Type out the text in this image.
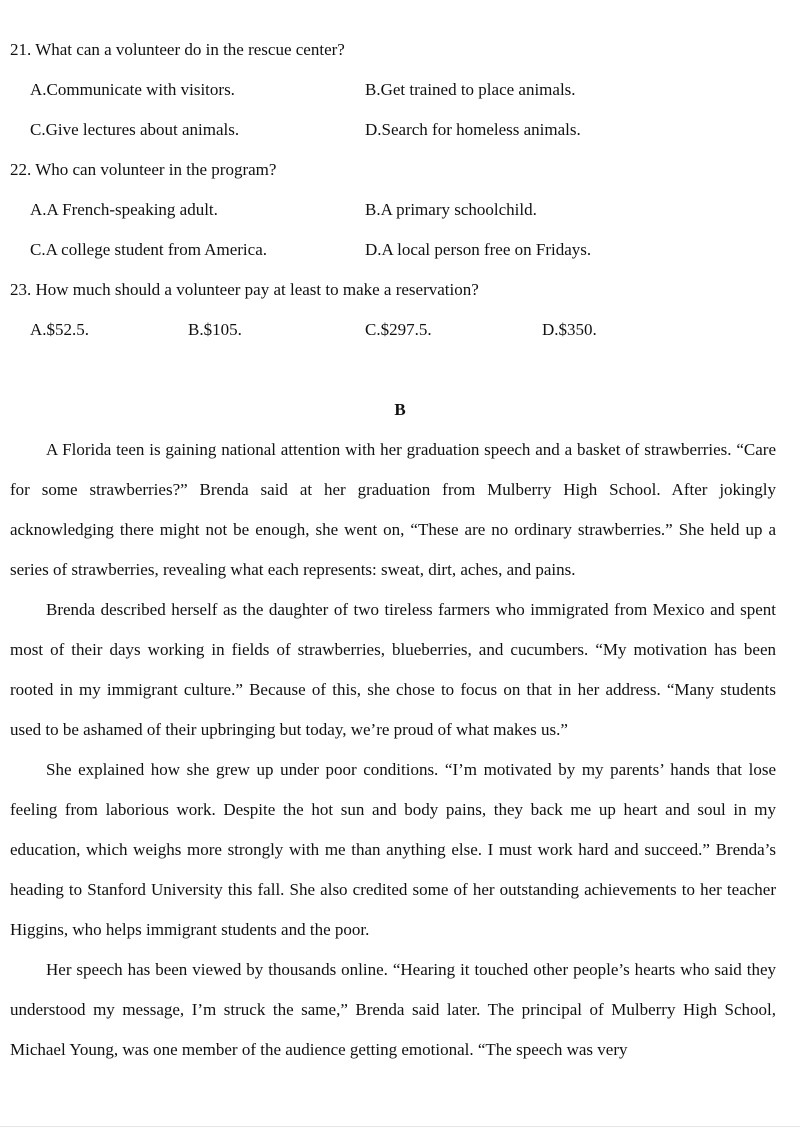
21. What can a volunteer do in the rescue center?
A.Communicate with visitors.	B.Get trained to place animals.
C.Give lectures about animals.	D.Search for homeless animals.
22. Who can volunteer in the program?
A.A French-speaking adult.	B.A primary schoolchild.
C.A college student from America.	D.A local person free on Fridays.
23. How much should a volunteer pay at least to make a reservation?
A.$52.5.	B.$105.	C.$297.5.	D.$350.
B

A Florida teen is gaining national attention with her graduation speech and a basket of strawberries. “Care for some strawberries?” Brenda said at her graduation from Mulberry High School. After jokingly acknowledging there might not be enough, she went on, “These are no ordinary strawberries.” She held up a series of strawberries, revealing what each represents: sweat, dirt, aches, and pains.

Brenda described herself as the daughter of two tireless farmers who immigrated from Mexico and spent most of their days working in fields of strawberries, blueberries, and cucumbers. “My motivation has been rooted in my immigrant culture.” Because of this, she chose to focus on that in her address. “Many students used to be ashamed of their upbringing but today, we’re proud of what makes us.”

She explained how she grew up under poor conditions. “I’m motivated by my parents’ hands that lose feeling from laborious work. Despite the hot sun and body pains, they back me up heart and soul in my education, which weighs more strongly with me than anything else. I must work hard and succeed.” Brenda’s heading to Stanford University this fall. She also credited some of her outstanding achievements to her teacher Higgins, who helps immigrant students and the poor.

Her speech has been viewed by thousands online. “Hearing it touched other people’s hearts who said they understood my message, I’m struck the same,” Brenda said later. The principal of Mulberry High School, Michael Young, was one member of the audience getting emotional. “The speech was very
